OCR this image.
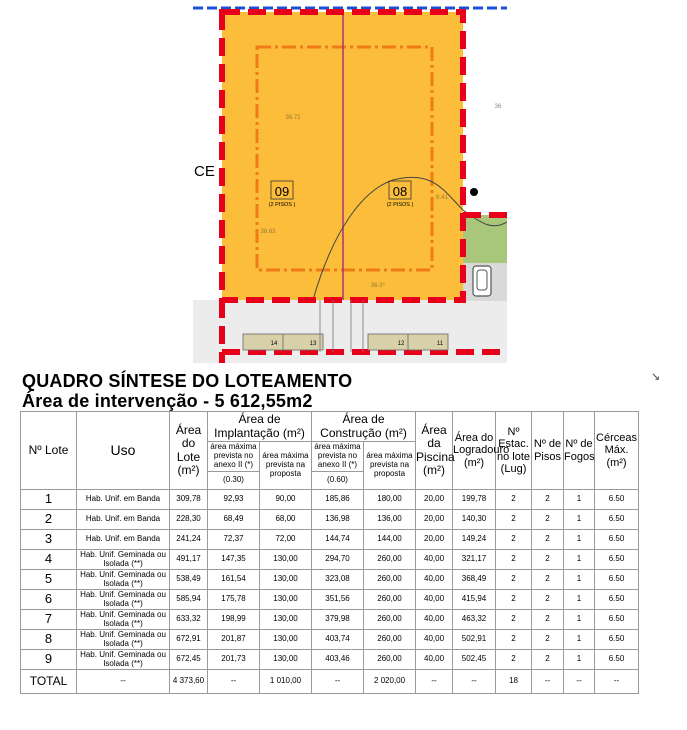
09
(2 PISOS )
08
(2 PISOS )
36.72
36.63
36.3°
6.41
14	13	12	11
36
CE
QUADRO SÍNTESE DO LOTEAMENTO
Área de intervenção - 5 612,55m2
↘
Nº Lote	Uso	Área do Lote (m²)	Área de Implantação (m²)		Área de Construção (m²)		Área da Piscina (m²)	Área do Logradouro (m²)	Nº Estac. no lote (Lug)	Nº de Pisos	Nº de Fogos	Cérceas Máx. (m²)	
			área máxima prevista no anexo II (*)	área máxima prevista na proposta	área máxima prevista no anexo II (*)	área máxima prevista na proposta							
			(0.30)		(0.60)								
1	Hab. Unif. em Banda	309,78	92,93	90,00	185,86	180,00	20,00	199,78	2	2	1	6.50	
2	Hab. Unif. em Banda	228,30	68,49	68,00	136,98	136,00	20,00	140,30	2	2	1	6.50	
3	Hab. Unif. em Banda	241,24	72,37	72,00	144,74	144,00	20,00	149,24	2	2	1	6.50	
4	Hab. Unif. Geminada ou Isolada (**)	491,17	147,35	130,00	294,70	260,00	40,00	321,17	2	2	1	6.50	
5	Hab. Unif. Geminada ou Isolada (**)	538,49	161,54	130,00	323,08	260,00	40,00	368,49	2	2	1	6.50	
6	Hab. Unif. Geminada ou Isolada (**)	585,94	175,78	130,00	351,56	260,00	40,00	415,94	2	2	1	6.50	
7	Hab. Unif. Geminada ou Isolada (**)	633,32	198,99	130,00	379,98	260,00	40,00	463,32	2	2	1	6.50	
8	Hab. Unif. Geminada ou Isolada (**)	672,91	201,87	130,00	403,74	260,00	40,00	502,91	2	2	1	6.50	
9	Hab. Unif. Geminada ou Isolada (**)	672,45	201,73	130,00	403,46	260,00	40,00	502,45	2	2	1	6.50	
TOTAL	--	4 373,60	--	1 010,00	--	2 020,00	--	--	18	--	--	--	
